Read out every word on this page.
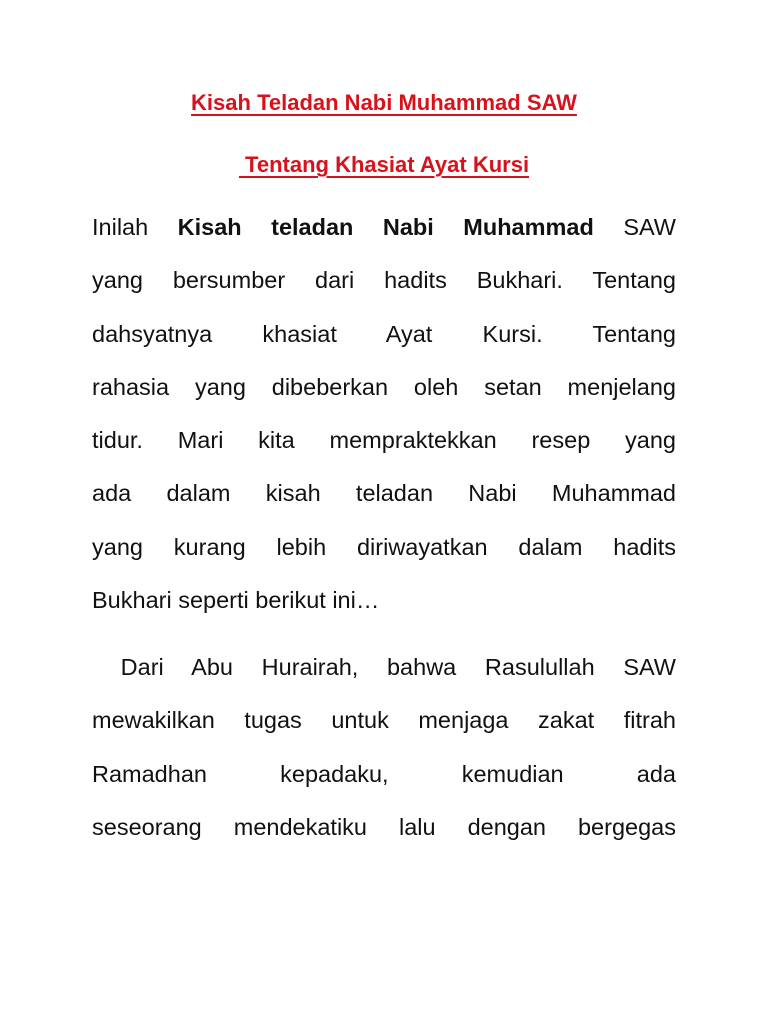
Kisah Teladan Nabi Muhammad SAW
Tentang Khasiat Ayat Kursi
Inilah Kisah teladan Nabi Muhammad SAW
yang bersumber dari hadits Bukhari. Tentang
dahsyatnya khasiat Ayat Kursi. Tentang
rahasia yang dibeberkan oleh setan menjelang
tidur. Mari kita mempraktekkan resep yang
ada dalam kisah teladan Nabi Muhammad
yang kurang lebih diriwayatkan dalam hadits
Bukhari seperti berikut ini…
Dari Abu Hurairah, bahwa Rasulullah SAW
mewakilkan tugas untuk menjaga zakat fitrah
Ramadhan kepadaku, kemudian ada
seseorang mendekatiku lalu dengan bergegas
